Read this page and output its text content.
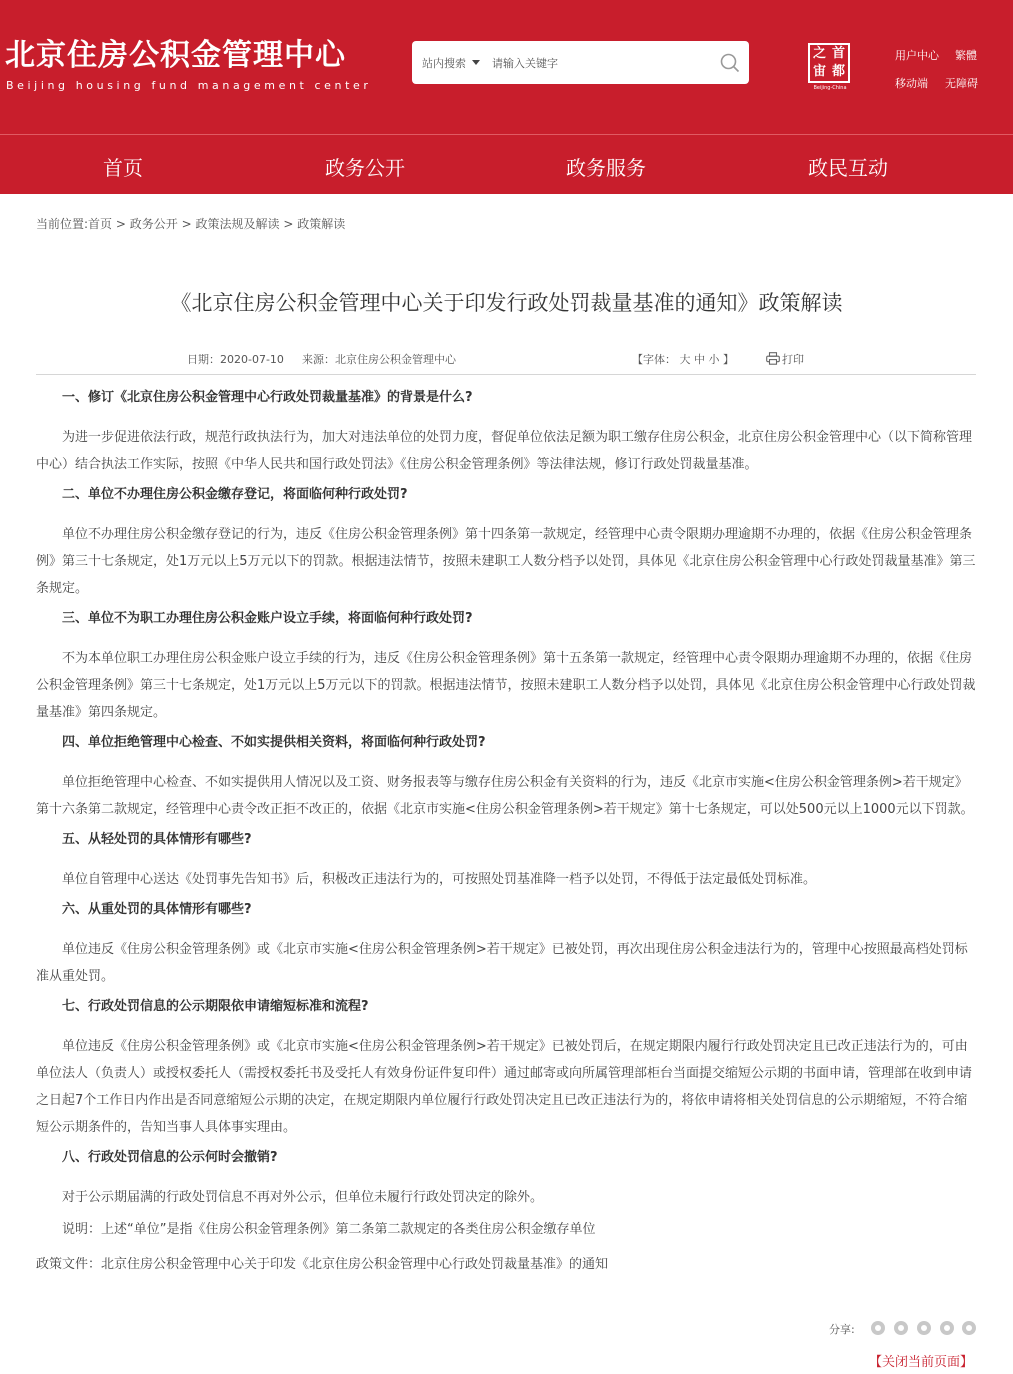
北京住房公积金管理中心
Beijing housing fund management center
站内搜索
请输入关键字
之 首
宙 都
Beijing-China
用户中心 繁體
移动端 无障碍
首页	政务公开	政务服务	政民互动
当前位置:首页 > 政务公开 > 政策法规及解读 > 政策解读
《北京住房公积金管理中心关于印发行政处罚裁量基准的通知》政策解读
日期：2020-07-10 来源：北京住房公积金管理中心	【字体： 大 中 小 】	打印
一、修订《北京住房公积金管理中心行政处罚裁量基准》的背景是什么?
为进一步促进依法行政，规范行政执法行为，加大对违法单位的处罚力度，督促单位依法足额为职工缴存住房公积金，北京住房公积金管理中心（以下简称管理中心）结合执法工作实际，按照《中华人民共和国行政处罚法》《住房公积金管理条例》等法律法规，修订行政处罚裁量基准。
二、单位不办理住房公积金缴存登记，将面临何种行政处罚?
单位不办理住房公积金缴存登记的行为，违反《住房公积金管理条例》第十四条第一款规定，经管理中心责令限期办理逾期不办理的，依据《住房公积金管理条例》第三十七条规定，处1万元以上5万元以下的罚款。根据违法情节，按照未建职工人数分档予以处罚，具体见《北京住房公积金管理中心行政处罚裁量基准》第三条规定。
三、单位不为职工办理住房公积金账户设立手续，将面临何种行政处罚?
不为本单位职工办理住房公积金账户设立手续的行为，违反《住房公积金管理条例》第十五条第一款规定，经管理中心责令限期办理逾期不办理的，依据《住房公积金管理条例》第三十七条规定，处1万元以上5万元以下的罚款。根据违法情节，按照未建职工人数分档予以处罚，具体见《北京住房公积金管理中心行政处罚裁量基准》第四条规定。
四、单位拒绝管理中心检查、不如实提供相关资料，将面临何种行政处罚?
单位拒绝管理中心检查、不如实提供用人情况以及工资、财务报表等与缴存住房公积金有关资料的行为，违反《北京市实施<住房公积金管理条例>若干规定》第十六条第二款规定，经管理中心责令改正拒不改正的，依据《北京市实施<住房公积金管理条例>若干规定》第十七条规定，可以处500元以上1000元以下罚款。
五、从轻处罚的具体情形有哪些?
单位自管理中心送达《处罚事先告知书》后，积极改正违法行为的，可按照处罚基准降一档予以处罚，不得低于法定最低处罚标准。
六、从重处罚的具体情形有哪些?
单位违反《住房公积金管理条例》或《北京市实施<住房公积金管理条例>若干规定》已被处罚，再次出现住房公积金违法行为的，管理中心按照最高档处罚标准从重处罚。
七、行政处罚信息的公示期限依申请缩短标准和流程?
单位违反《住房公积金管理条例》或《北京市实施<住房公积金管理条例>若干规定》已被处罚后，在规定期限内履行行政处罚决定且已改正违法行为的，可由单位法人（负责人）或授权委托人（需授权委托书及受托人有效身份证件复印件）通过邮寄或向所属管理部柜台当面提交缩短公示期的书面申请，管理部在收到申请之日起7个工作日内作出是否同意缩短公示期的决定，在规定期限内单位履行行政处罚决定且已改正违法行为的，将依申请将相关处罚信息的公示期缩短，不符合缩短公示期条件的，告知当事人具体事实理由。
八、行政处罚信息的公示何时会撤销?
对于公示期届满的行政处罚信息不再对外公示，但单位未履行行政处罚决定的除外。
说明：上述“单位”是指《住房公积金管理条例》第二条第二款规定的各类住房公积金缴存单位
政策文件：北京住房公积金管理中心关于印发《北京住房公积金管理中心行政处罚裁量基准》的通知
分享:
【关闭当前页面】
